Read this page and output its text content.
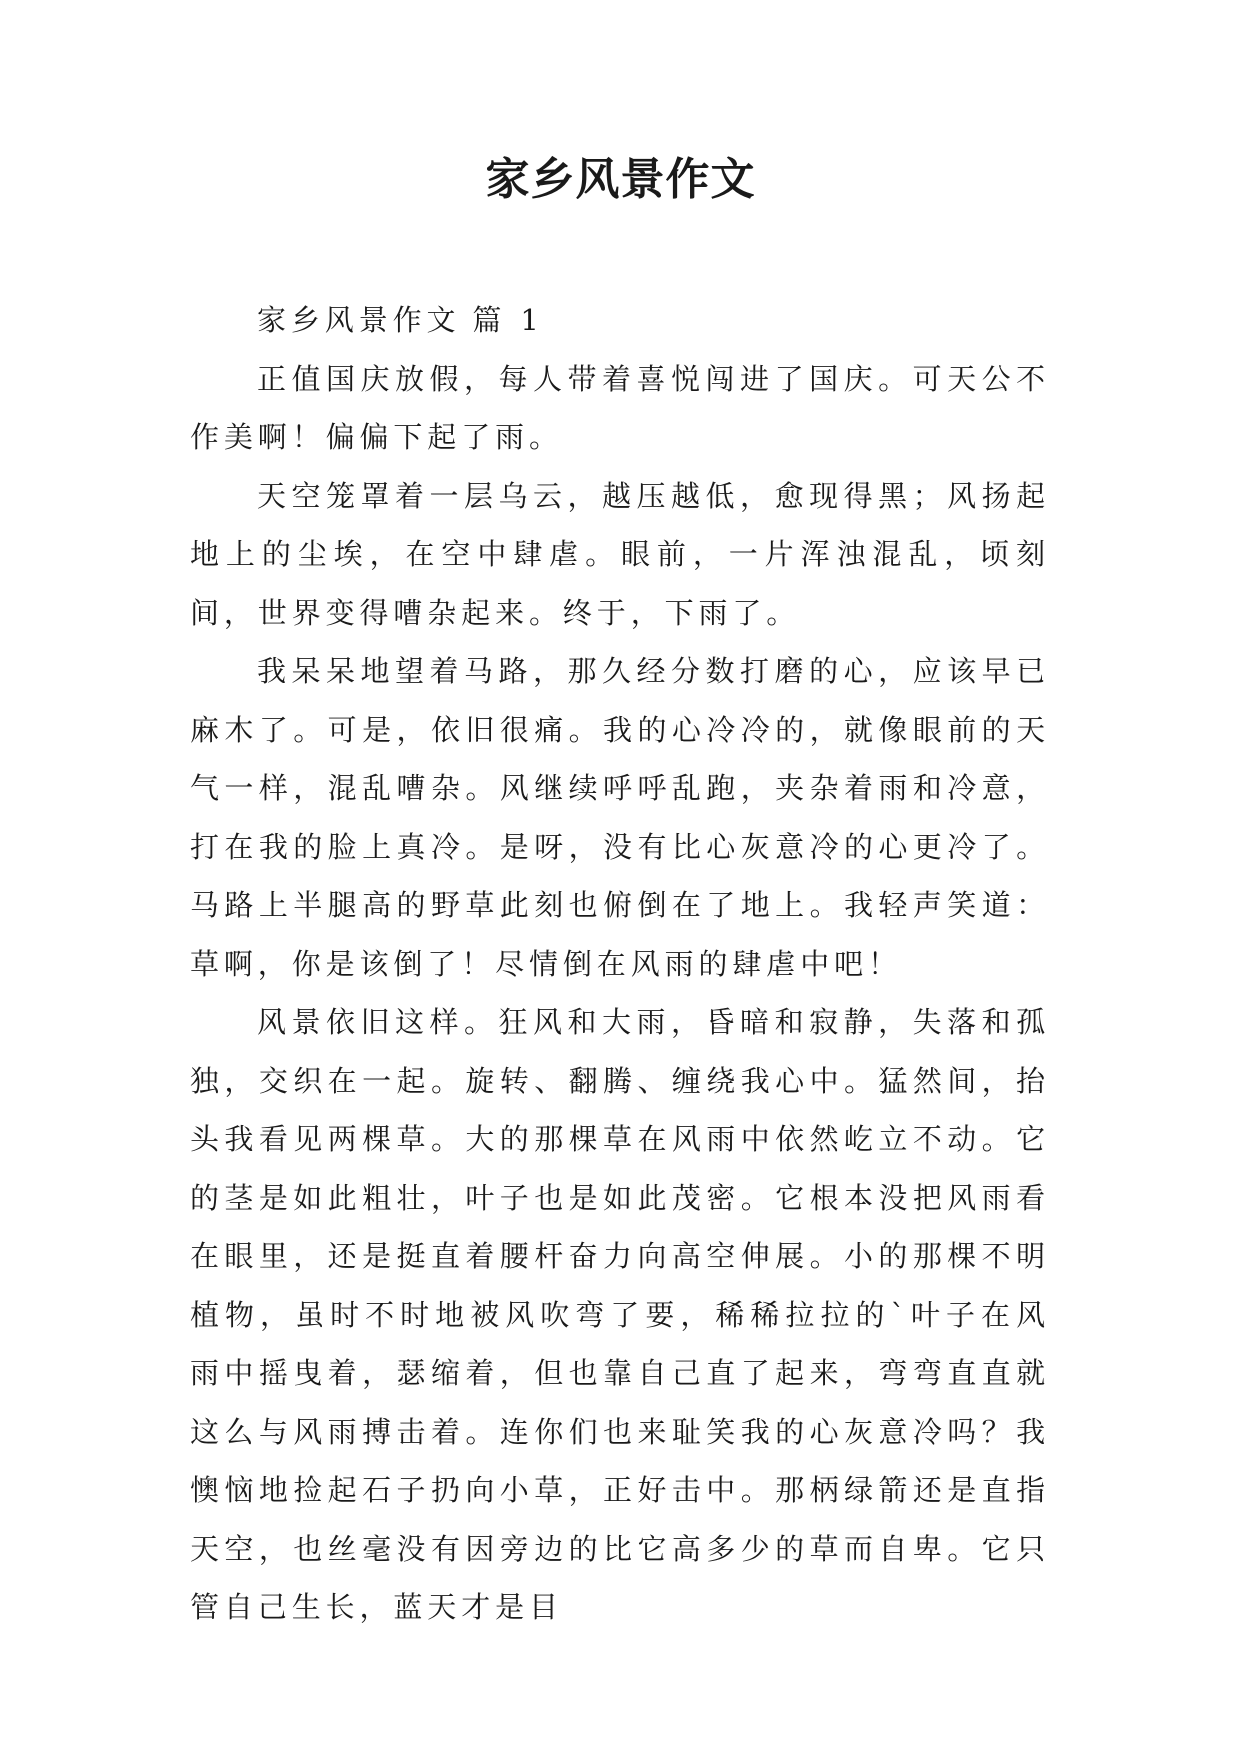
家乡风景作文

家乡风景作文 篇 1

正值国庆放假，每人带着喜悦闯进了国庆。可天公不作美啊！偏偏下起了雨。

天空笼罩着一层乌云，越压越低，愈现得黑；风扬起地上的尘埃，在空中肆虐。眼前，一片浑浊混乱，顷刻间，世界变得嘈杂起来。终于，下雨了。

我呆呆地望着马路，那久经分数打磨的心，应该早已麻木了。可是，依旧很痛。我的心冷冷的，就像眼前的天气一样，混乱嘈杂。风继续呼呼乱跑，夹杂着雨和冷意，打在我的脸上真冷。是呀，没有比心灰意冷的心更冷了。马路上半腿高的野草此刻也俯倒在了地上。我轻声笑道：草啊，你是该倒了！尽情倒在风雨的肆虐中吧！

风景依旧这样。狂风和大雨，昏暗和寂静，失落和孤独，交织在一起。旋转、翻腾、缠绕我心中。猛然间，抬头我看见两棵草。大的那棵草在风雨中依然屹立不动。它的茎是如此粗壮，叶子也是如此茂密。它根本没把风雨看在眼里，还是挺直着腰杆奋力向高空伸展。小的那棵不明植物，虽时不时地被风吹弯了要，稀稀拉拉的`叶子在风雨中摇曳着，瑟缩着，但也靠自己直了起来，弯弯直直就这么与风雨搏击着。连你们也来耻笑我的心灰意冷吗？我懊恼地捡起石子扔向小草，正好击中。那柄绿箭还是直指天空，也丝毫没有因旁边的比它高多少的草而自卑。它只管自己生长，蓝天才是目
